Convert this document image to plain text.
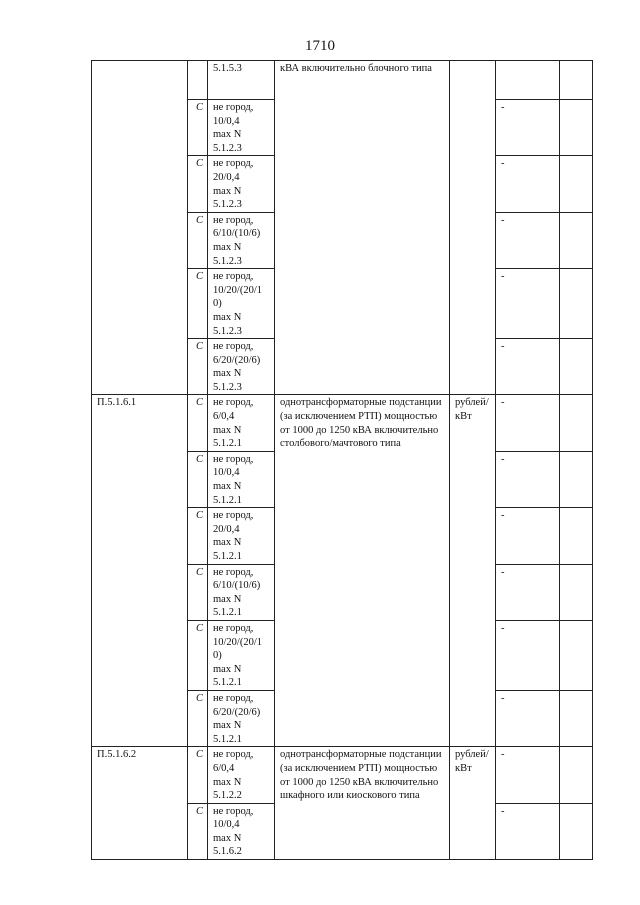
1710

		5.1.5.3	кВА включительно блочного типа			
	С	не город,
10/0,4
max N
5.1.2.3			-	
	С	не город,
20/0,4
max N
5.1.2.3			-	
	С	не город,
6/10/(10/6)
max N
5.1.2.3			-	
	С	не город,
10/20/(20/1
0)
max N
5.1.2.3			-	
	С	не город,
6/20/(20/6)
max N
5.1.2.3			-	
П.5.1.6.1	С	не город,
6/0,4
max N
5.1.2.1	однотрансформаторные подстанции (за исключением РТП) мощностью от 1000 до 1250 кВА включительно столбового/мачтового типа	рублей/ кВт	-	
	С	не город,
10/0,4
max N
5.1.2.1			-	
	С	не город,
20/0,4
max N
5.1.2.1			-	
	С	не город,
6/10/(10/6)
max N
5.1.2.1			-	
	С	не город,
10/20/(20/1
0)
max N
5.1.2.1			-	
	С	не город,
6/20/(20/6)
max N
5.1.2.1			-	
П.5.1.6.2	С	не город,
6/0,4
max N
5.1.2.2	однотрансформаторные подстанции (за исключением РТП) мощностью от 1000 до 1250 кВА включительно шкафного или киоскового типа	рублей/ кВт	-	
	С	не город,
10/0,4
max N
5.1.6.2			-	
